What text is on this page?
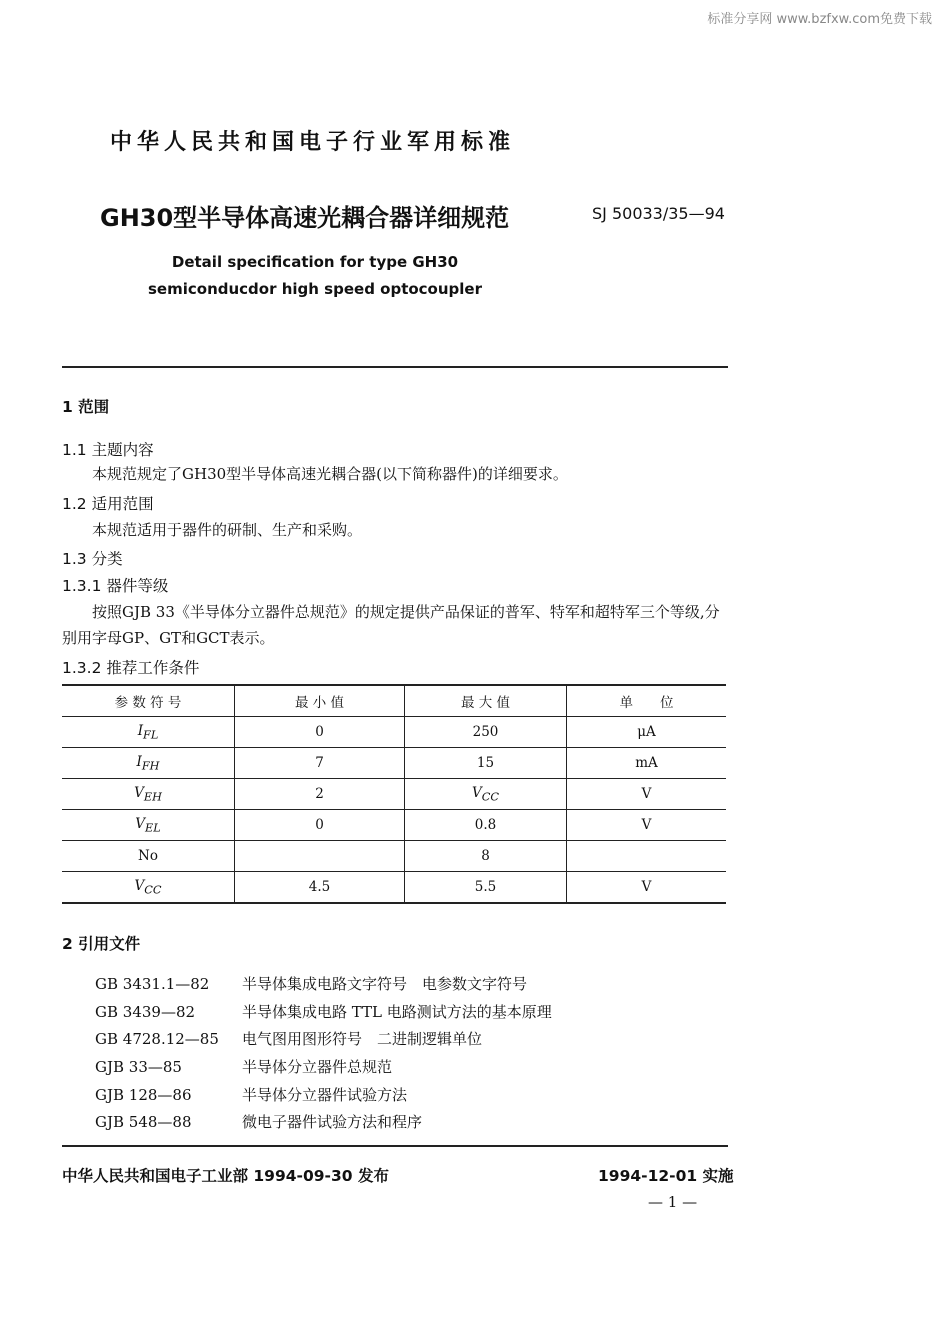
标准分享网 www.bzfxw.com免费下载
中华人民共和国电子行业军用标准
GH30型半导体高速光耦合器详细规范	SJ 50033/35—94
Detail specification for type GH30
semiconducdor high speed optocoupler
1 范围
1.1 主题内容
本规范规定了GH30型半导体高速光耦合器(以下简称器件)的详细要求。
1.2 适用范围
本规范适用于器件的研制、生产和采购。
1.3 分类
1.3.1 器件等级
按照GJB 33《半导体分立器件总规范》的规定提供产品保证的普军、特军和超特军三个等级,分别用字母GP、GT和GCT表示。
1.3.2 推荐工作条件
参 数 符 号	最 小 值	最 大 值	单　　位
$I_{FL}$	0	250	μA
$I_{FH}$	7	15	mA
$V_{EH}$	2	$V_{CC}$	V
$V_{EL}$	0	0.8	V
No		8	
$V_{CC}$	4.5	5.5	V
2 引用文件
GB 3431.1—82 半导体集成电路文字符号　电参数文字符号
GB 3439—82	半导体集成电路 TTL 电路测试方法的基本原理
GB 4728.12—85 电气图用图形符号　二进制逻辑单位
GJB 33—85	半导体分立器件总规范
GJB 128—86	半导体分立器件试验方法
GJB 548—88	微电子器件试验方法和程序
中华人民共和国电子工业部 1994-09-30 发布	1994-12-01 实施
— 1 —
